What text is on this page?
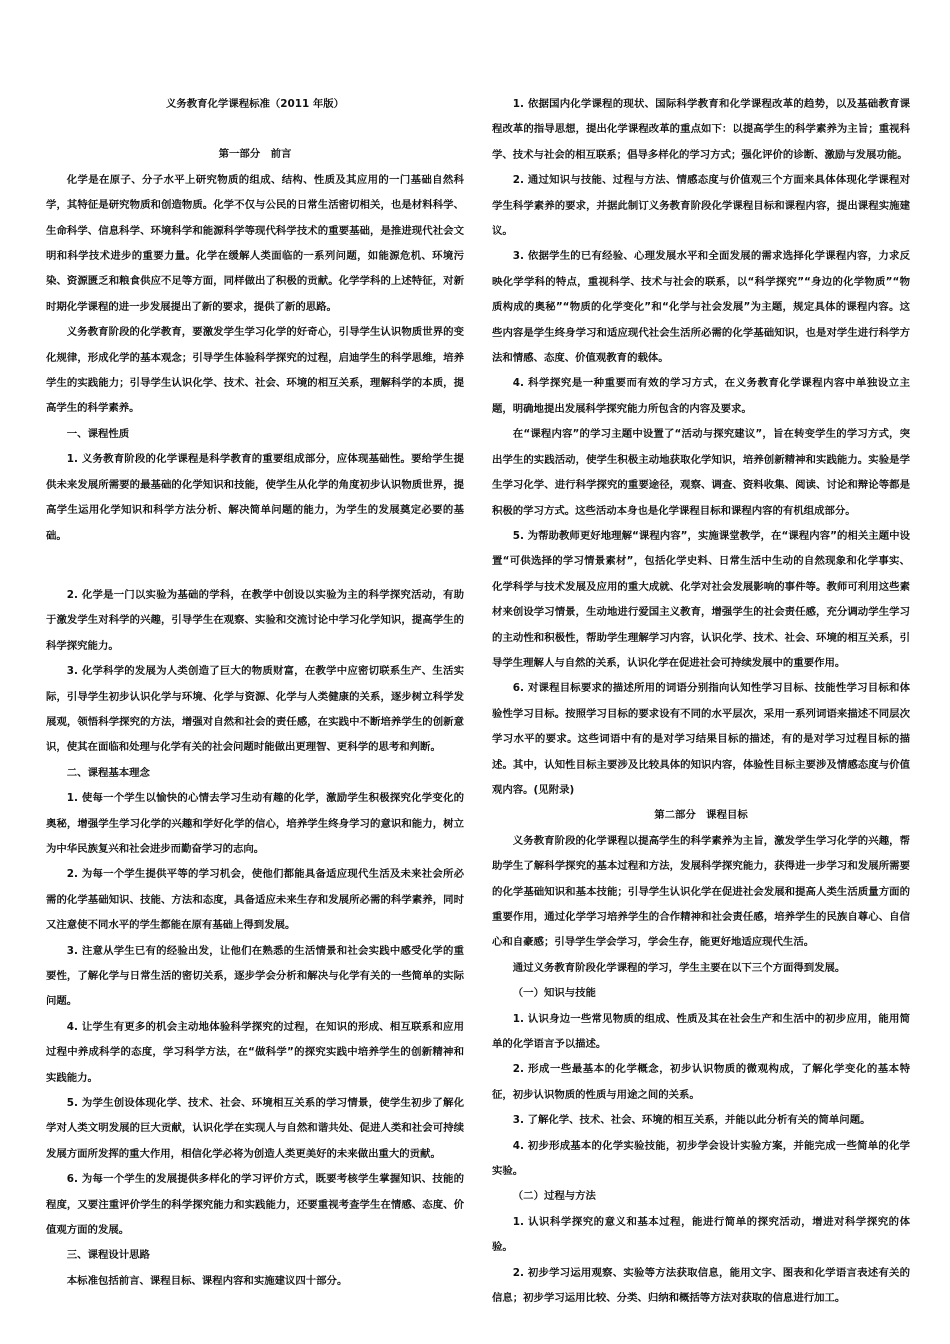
义务教育化学课程标准（2011 年版）

第一部分　前言

化学是在原子、分子水平上研究物质的组成、结构、性质及其应用的一门基础自然科学，其特征是研究物质和创造物质。化学不仅与公民的日常生活密切相关，也是材料科学、生命科学、信息科学、环境科学和能源科学等现代科学技术的重要基础，是推进现代社会文明和科学技术进步的重要力量。化学在缓解人类面临的一系列问题，如能源危机、环境污染、资源匮乏和粮食供应不足等方面，同样做出了积极的贡献。化学学科的上述特征，对新时期化学课程的进一步发展提出了新的要求，提供了新的思路。

义务教育阶段的化学教育，要激发学生学习化学的好奇心，引导学生认识物质世界的变化规律，形成化学的基本观念；引导学生体验科学探究的过程，启迪学生的科学思维，培养学生的实践能力；引导学生认识化学、技术、社会、环境的相互关系，理解科学的本质，提高学生的科学素养。

一、课程性质

1. 义务教育阶段的化学课程是科学教育的重要组成部分，应体现基础性。要给学生提供未来发展所需要的最基础的化学知识和技能，使学生从化学的角度初步认识物质世界，提高学生运用化学知识和科学方法分析、解决简单问题的能力，为学生的发展奠定必要的基础。

2. 化学是一门以实验为基础的学科，在教学中创设以实验为主的科学探究活动，有助于激发学生对科学的兴趣，引导学生在观察、实验和交流讨论中学习化学知识，提高学生的科学探究能力。

3. 化学科学的发展为人类创造了巨大的物质财富，在教学中应密切联系生产、生活实际，引导学生初步认识化学与环境、化学与资源、化学与人类健康的关系，逐步树立科学发展观，领悟科学探究的方法，增强对自然和社会的责任感，在实践中不断培养学生的创新意识，使其在面临和处理与化学有关的社会问题时能做出更理智、更科学的思考和判断。

二、课程基本理念

1. 使每一个学生以愉快的心情去学习生动有趣的化学，激励学生积极探究化学变化的奥秘，增强学生学习化学的兴趣和学好化学的信心，培养学生终身学习的意识和能力，树立为中华民族复兴和社会进步而勤奋学习的志向。

2. 为每一个学生提供平等的学习机会，使他们都能具备适应现代生活及未来社会所必需的化学基础知识、技能、方法和态度，具备适应未来生存和发展所必需的科学素养，同时又注意使不同水平的学生都能在原有基础上得到发展。

3. 注意从学生已有的经验出发，让他们在熟悉的生活情景和社会实践中感受化学的重要性，了解化学与日常生活的密切关系，逐步学会分析和解决与化学有关的一些简单的实际问题。

4. 让学生有更多的机会主动地体验科学探究的过程，在知识的形成、相互联系和应用过程中养成科学的态度，学习科学方法，在“做科学”的探究实践中培养学生的创新精神和实践能力。

5. 为学生创设体现化学、技术、社会、环境相互关系的学习情景，使学生初步了解化学对人类文明发展的巨大贡献，认识化学在实现人与自然和谐共处、促进人类和社会可持续发展方面所发挥的重大作用，相信化学必将为创造人类更美好的未来做出重大的贡献。

6. 为每一个学生的发展提供多样化的学习评价方式，既要考核学生掌握知识、技能的程度，又要注重评价学生的科学探究能力和实践能力，还要重视考查学生在情感、态度、价值观方面的发展。

三、课程设计思路

本标准包括前言、课程目标、课程内容和实施建议四十部分。

1. 依据国内化学课程的现状、国际科学教育和化学课程改革的趋势，以及基础教育课程改革的指导思想，提出化学课程改革的重点如下：以提高学生的科学素养为主旨；重视科学、技术与社会的相互联系；倡导多样化的学习方式；强化评价的诊断、激励与发展功能。

2. 通过知识与技能、过程与方法、情感态度与价值观三个方面来具体体现化学课程对学生科学素养的要求，并据此制订义务教育阶段化学课程目标和课程内容，提出课程实施建议。

3. 依据学生的已有经验、心理发展水平和全面发展的需求选择化学课程内容，力求反映化学学科的特点，重视科学、技术与社会的联系，以“科学探究”“身边的化学物质”“物质构成的奥秘”“物质的化学变化”和“化学与社会发展”为主题，规定具体的课程内容。这些内容是学生终身学习和适应现代社会生活所必需的化学基础知识，也是对学生进行科学方法和情感、态度、价值观教育的载体。

4. 科学探究是一种重要而有效的学习方式，在义务教育化学课程内容中单独设立主题，明确地提出发展科学探究能力所包含的内容及要求。

在“课程内容”的学习主题中设置了“活动与探究建议”，旨在转变学生的学习方式，突出学生的实践活动，使学生积极主动地获取化学知识，培养创新精神和实践能力。实验是学生学习化学、进行科学探究的重要途径，观察、调查、资料收集、阅读、讨论和辩论等都是积极的学习方式。这些活动本身也是化学课程目标和课程内容的有机组成部分。

5. 为帮助教师更好地理解“课程内容”，实施课堂教学，在“课程内容”的相关主题中设置“可供选择的学习情景素材”，包括化学史料、日常生活中生动的自然现象和化学事实、化学科学与技术发展及应用的重大成就、化学对社会发展影响的事件等。教师可利用这些素材来创设学习情景，生动地进行爱国主义教育，增强学生的社会责任感，充分调动学生学习的主动性和积极性，帮助学生理解学习内容，认识化学、技术、社会、环境的相互关系，引导学生理解人与自然的关系，认识化学在促进社会可持续发展中的重要作用。

6. 对课程目标要求的描述所用的词语分别指向认知性学习目标、技能性学习目标和体验性学习目标。按照学习目标的要求设有不同的水平层次，采用一系列词语来描述不同层次学习水平的要求。这些词语中有的是对学习结果目标的描述，有的是对学习过程目标的描述。其中，认知性目标主要涉及比较具体的知识内容，体验性目标主要涉及情感态度与价值观内容。(见附录)

第二部分　课程目标

义务教育阶段的化学课程以提高学生的科学素养为主旨，激发学生学习化学的兴趣，帮助学生了解科学探究的基本过程和方法，发展科学探究能力，获得进一步学习和发展所需要的化学基础知识和基本技能；引导学生认识化学在促进社会发展和提高人类生活质量方面的重要作用，通过化学学习培养学生的合作精神和社会责任感，培养学生的民族自尊心、自信心和自豪感；引导学生学会学习，学会生存，能更好地适应现代生活。

通过义务教育阶段化学课程的学习，学生主要在以下三个方面得到发展。

（一）知识与技能

1. 认识身边一些常见物质的组成、性质及其在社会生产和生活中的初步应用，能用简单的化学语言予以描述。

2. 形成一些最基本的化学概念，初步认识物质的微观构成，了解化学变化的基本特征，初步认识物质的性质与用途之间的关系。

3. 了解化学、技术、社会、环境的相互关系，并能以此分析有关的简单问题。

4. 初步形成基本的化学实验技能，初步学会设计实验方案，并能完成一些简单的化学实验。

（二）过程与方法

1. 认识科学探究的意义和基本过程，能进行简单的探究活动，增进对科学探究的体验。

2. 初步学习运用观察、实验等方法获取信息，能用文字、图表和化学语言表述有关的信息；初步学习运用比较、分类、归纳和概括等方法对获取的信息进行加工。
